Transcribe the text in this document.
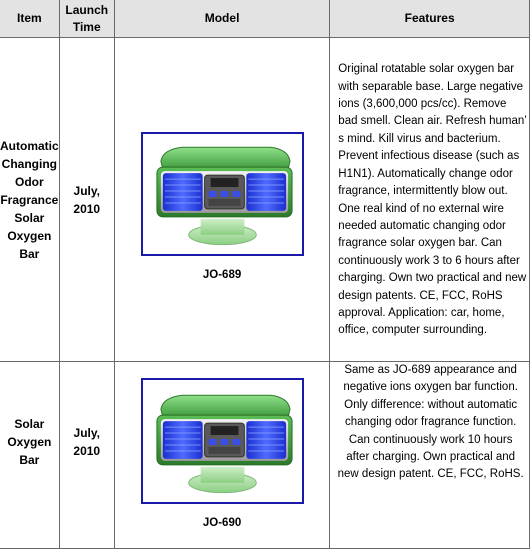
Item	Launch Time	Model	Features
Automatic Changing Odor Fragrance Solar Oxygen Bar	July, 2010	JO-689	Original rotatable solar oxygen bar with separable base. Large negative ions (3,600,000 pcs/cc). Remove bad smell. Clean air. Refresh human’ s mind. Kill virus and bacterium. Prevent infectious disease (such as H1N1). Automatically change odor fragrance, intermittently blow out. One real kind of no external wire needed automatic changing odor fragrance solar oxygen bar. Can continuously work 3 to 6 hours after charging. Own two practical and new design patents. CE, FCC, RoHS approval. Application: car, home, office, computer surrounding.
Solar Oxygen Bar	July, 2010	JO-690	Same as JO-689 appearance and negative ions oxygen bar function. Only difference: without automatic changing odor fragrance function. Can continuously work 10 hours after charging. Own practical and new design patent. CE, FCC, RoHS.
